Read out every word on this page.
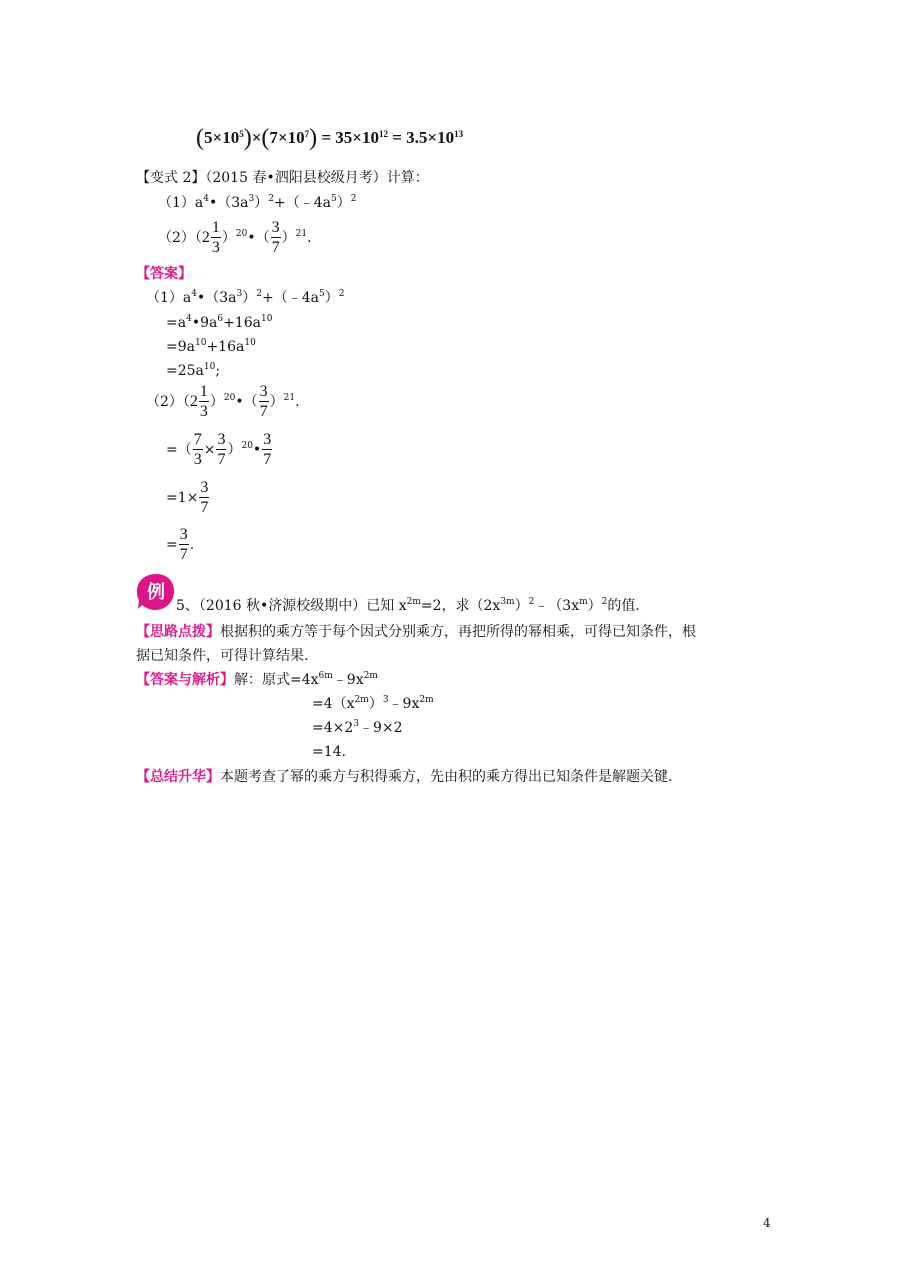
$(5\times 10^5)\times(7\times 10^7) = 35\times 10^{12} = 3.5\times 10^{13}$
【变式 2】（2015 春•泗阳县校级月考）计算：
$(1)a^4•(3a^3)^2+(﹣4a^5)^2$
$(2)(2 \frac{1}{3}$ ）$^{20}$•（ $\frac{3}{7} )^{21}$.
【答案】
$(1)a^4•(3a^3)^2+(﹣4a^5)^2$
$=a^4•9a^6+16a^{10}$
$=9a^{10}+16a^{10}$
$=25a^{10}$;
$(2)(2 \frac{1}{3}$ ）$^{20}$•（ $\frac{3}{7} )^{21}$.
=（ $\frac{7}{3} \times \frac{3}{7}$ ）$^{20}$• $\frac{3}{7}$
$=1\times \frac{3}{7}$
= $\frac{3}{7}$ .
例
5、（2016 秋•济源校级期中）已知 $x^{2m}=2$，求$(2x^{3m})^2﹣(3x^m)^2$的值.
【思路点拨】根据积的乘方等于每个因式分别乘方，再把所得的幂相乘，可得已知条件，根
据已知条件，可得计算结果.
【答案与解析】解：原式$=4x^{6m}﹣9x^{2m}$
$=4(x^{2m})^3﹣9x^{2m}$
$=4\times 2^3﹣9\times 2$
=14.
【总结升华】本题考查了幂的乘方与积得乘方，先由积的乘方得出已知条件是解题关键.
4
